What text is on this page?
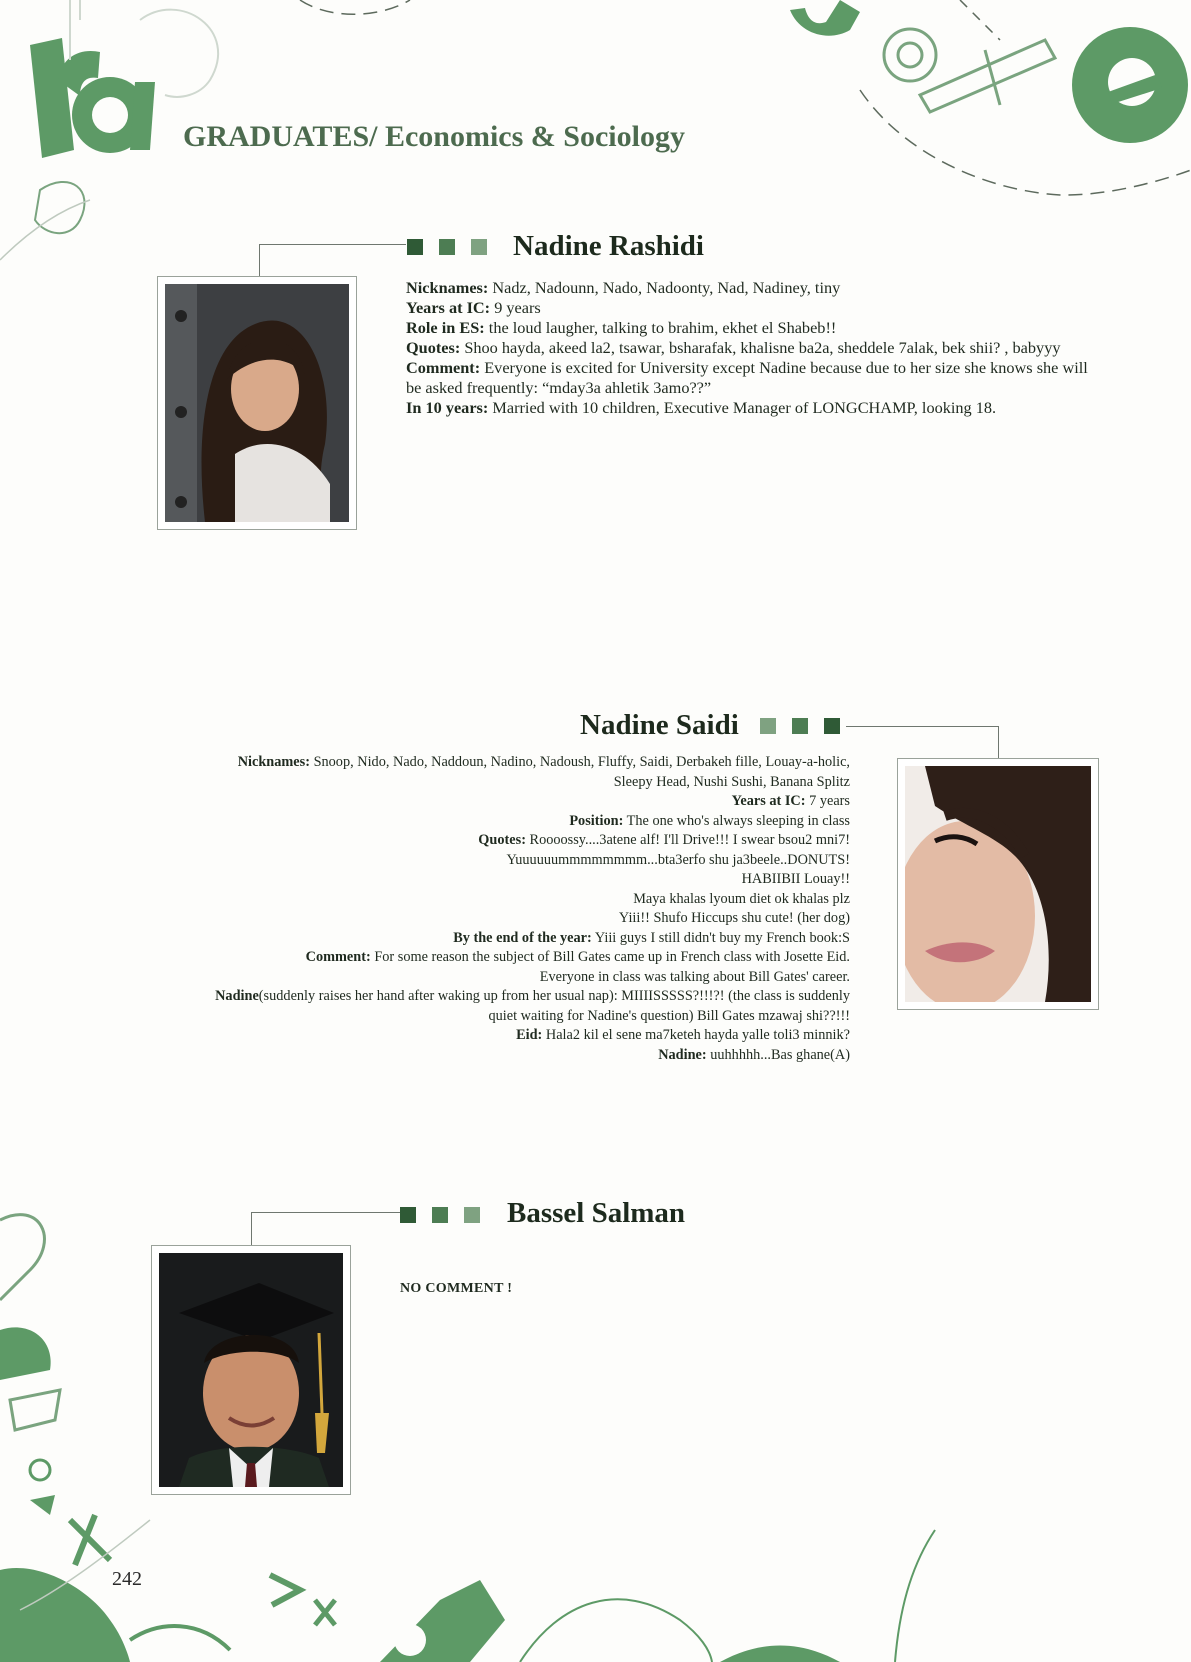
GRADUATES/ Economics & Sociology
Nadine Rashidi

Nicknames: Nadz, Nadounn, Nado, Nadoonty, Nad, Nadiney, tiny

Years at IC: 9 years

Role in ES: the loud laugher, talking to brahim, ekhet el Shabeb!!

Quotes: Shoo hayda, akeed la2, tsawar, bsharafak, khalisne ba2a, sheddele 7alak, bek shii? , babyyy

Comment: Everyone is excited for University except Nadine because due to her size she knows she will be asked frequently: “mday3a ahletik 3amo??”

In 10 years: Married with 10 children, Executive Manager of LONGCHAMP, looking 18.

Nadine Saidi

Nicknames: Snoop, Nido, Nado, Naddoun, Nadino, Nadoush, Fluffy, Saidi, Derbakeh fille, Louay-a-holic,

Sleepy Head, Nushi Sushi, Banana Splitz

Years at IC: 7 years

Position: The one who's always sleeping in class

Quotes: Roooossy....3atene alf! I'll Drive!!! I swear bsou2 mni7!

Yuuuuuummmmmmmm...bta3erfo shu ja3beele..DONUTS!

HABIIBII Louay!!

Maya khalas lyoum diet ok khalas plz

Yiii!! Shufo Hiccups shu cute! (her dog)

By the end of the year: Yiii guys I still didn't buy my French book:S

Comment: For some reason the subject of Bill Gates came up in French class with Josette Eid.

Everyone in class was talking about Bill Gates' career.

Nadine(suddenly raises her hand after waking up from her usual nap): MIIIISSSSS?!!!?! (the class is suddenly

quiet waiting for Nadine's question) Bill Gates mzawaj shi??!!!

Eid: Hala2 kil el sene ma7keteh hayda yalle toli3 minnik?

Nadine: uuhhhhh...Bas ghane(A)

Bassel Salman
NO COMMENT !
242
